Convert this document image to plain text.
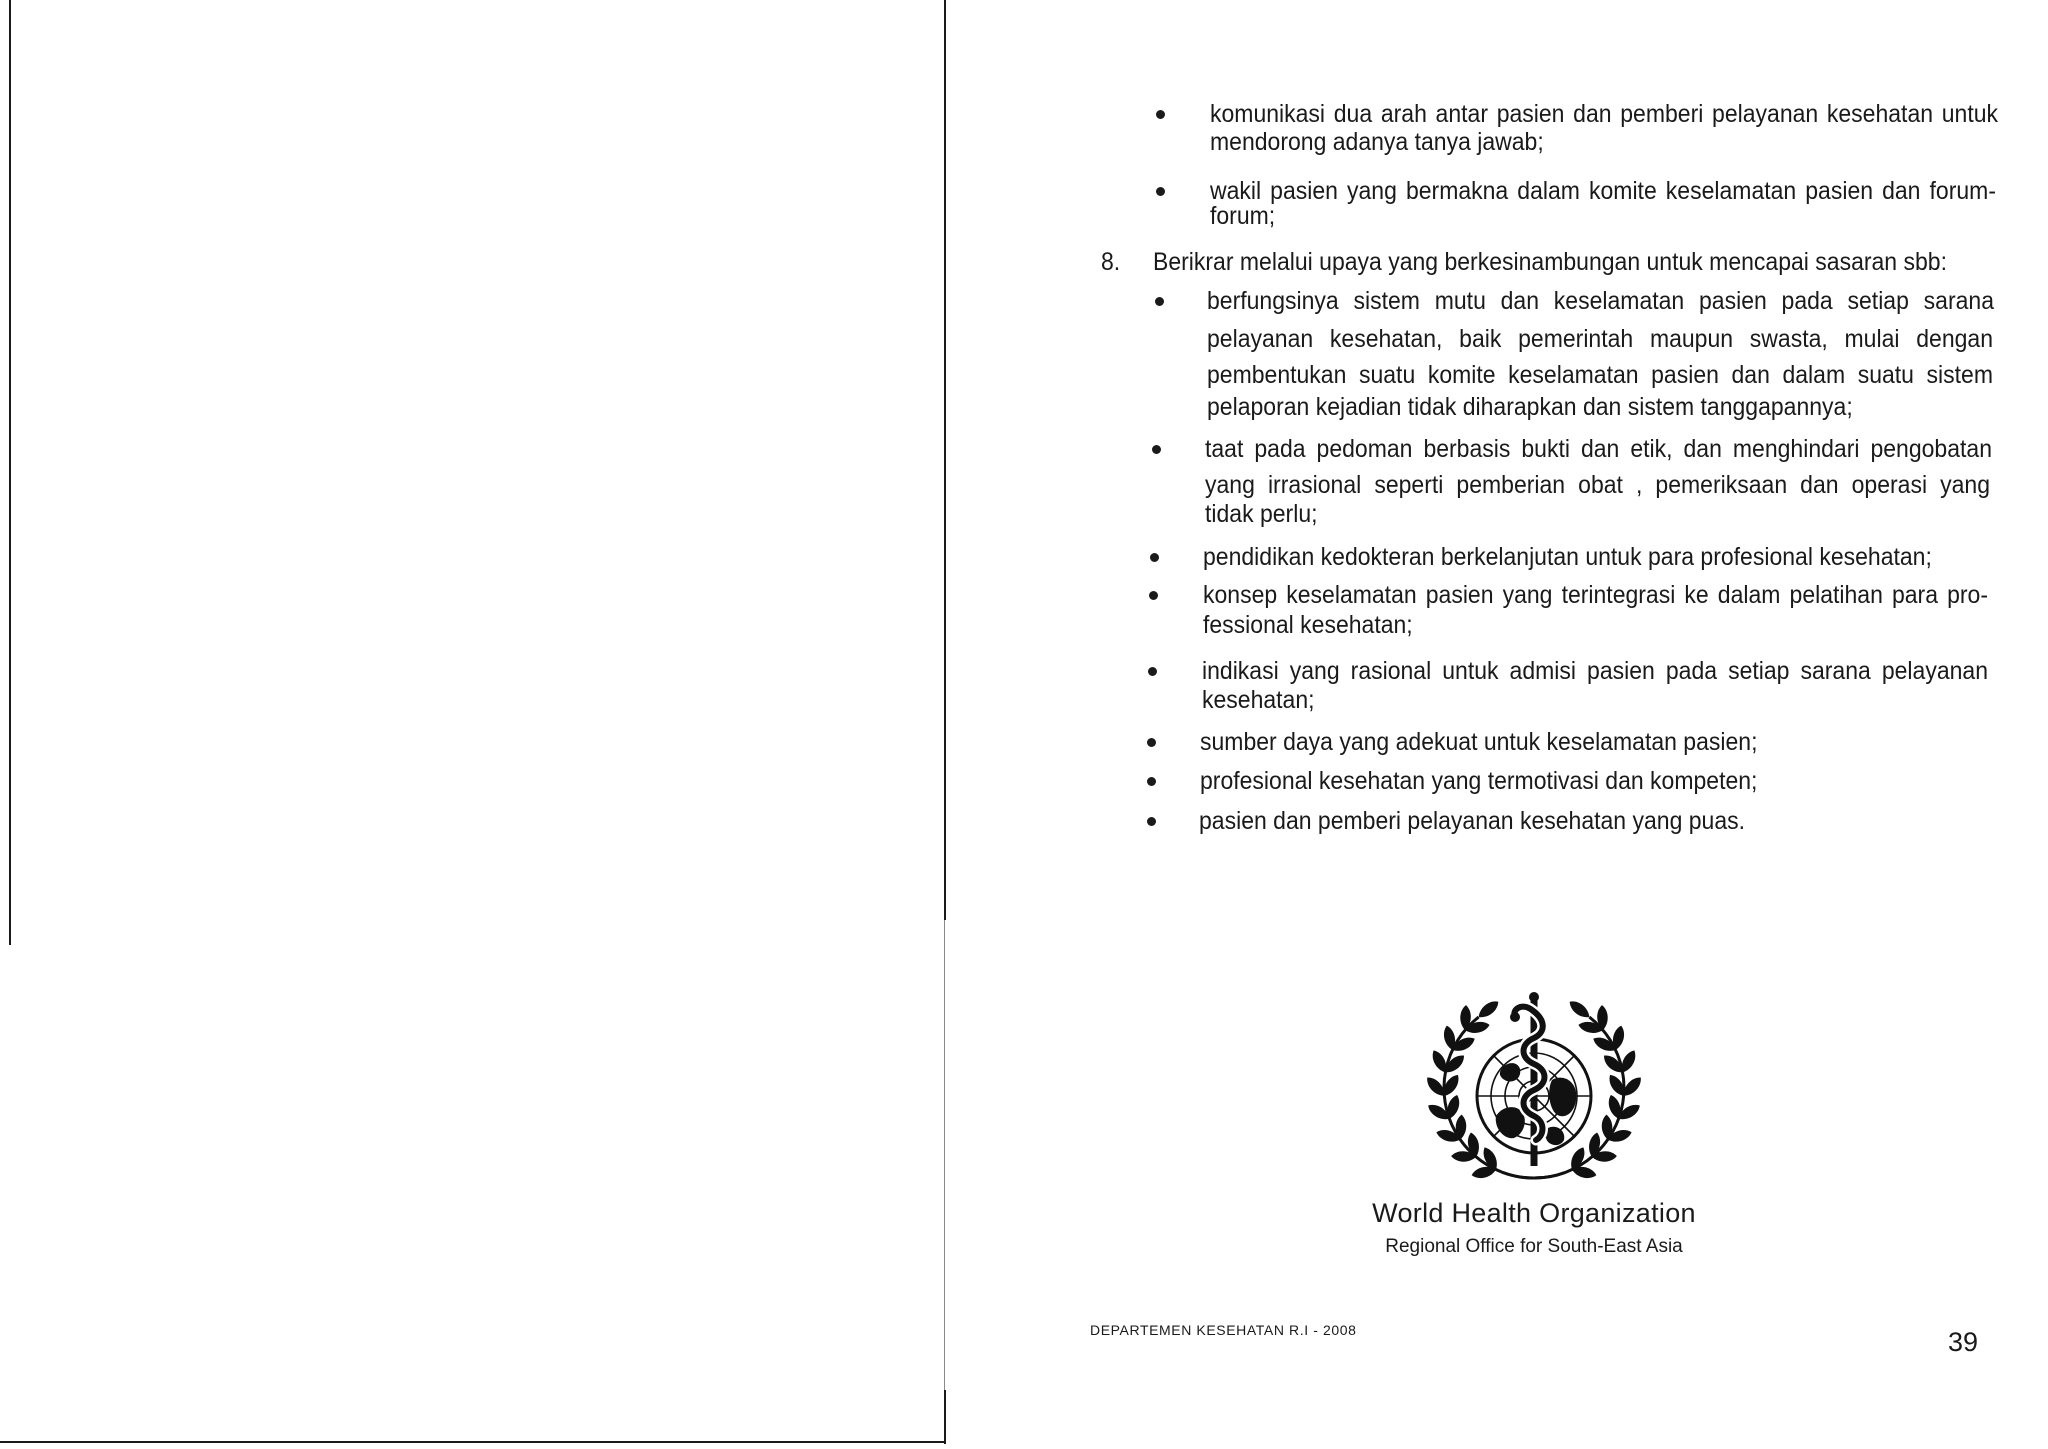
komunikasi dua arah antar pasien dan pemberi pelayanan kesehatan untuk
mendorong adanya tanya jawab;
wakil pasien yang bermakna dalam komite keselamatan pasien dan forum-
forum;
8. Berikrar melalui upaya yang berkesinambungan untuk mencapai sasaran sbb:
berfungsinya sistem mutu dan keselamatan pasien pada setiap sarana
pelayanan kesehatan, baik pemerintah maupun swasta, mulai dengan
pembentukan suatu komite keselamatan pasien dan dalam suatu sistem
pelaporan kejadian tidak diharapkan dan sistem tanggapannya;
taat pada pedoman berbasis bukti dan etik, dan menghindari pengobatan
yang irrasional seperti pemberian obat , pemeriksaan dan operasi yang
tidak perlu;
pendidikan kedokteran berkelanjutan untuk para profesional kesehatan;
konsep keselamatan pasien yang terintegrasi ke dalam pelatihan para pro-
fessional kesehatan;
indikasi yang rasional untuk admisi pasien pada setiap sarana pelayanan
kesehatan;
sumber daya yang adekuat untuk keselamatan pasien;
profesional kesehatan yang termotivasi dan kompeten;
pasien dan pemberi pelayanan kesehatan yang puas.
World Health Organization
Regional Office for South-East Asia
DEPARTEMEN KESEHATAN R.I - 2008	39
